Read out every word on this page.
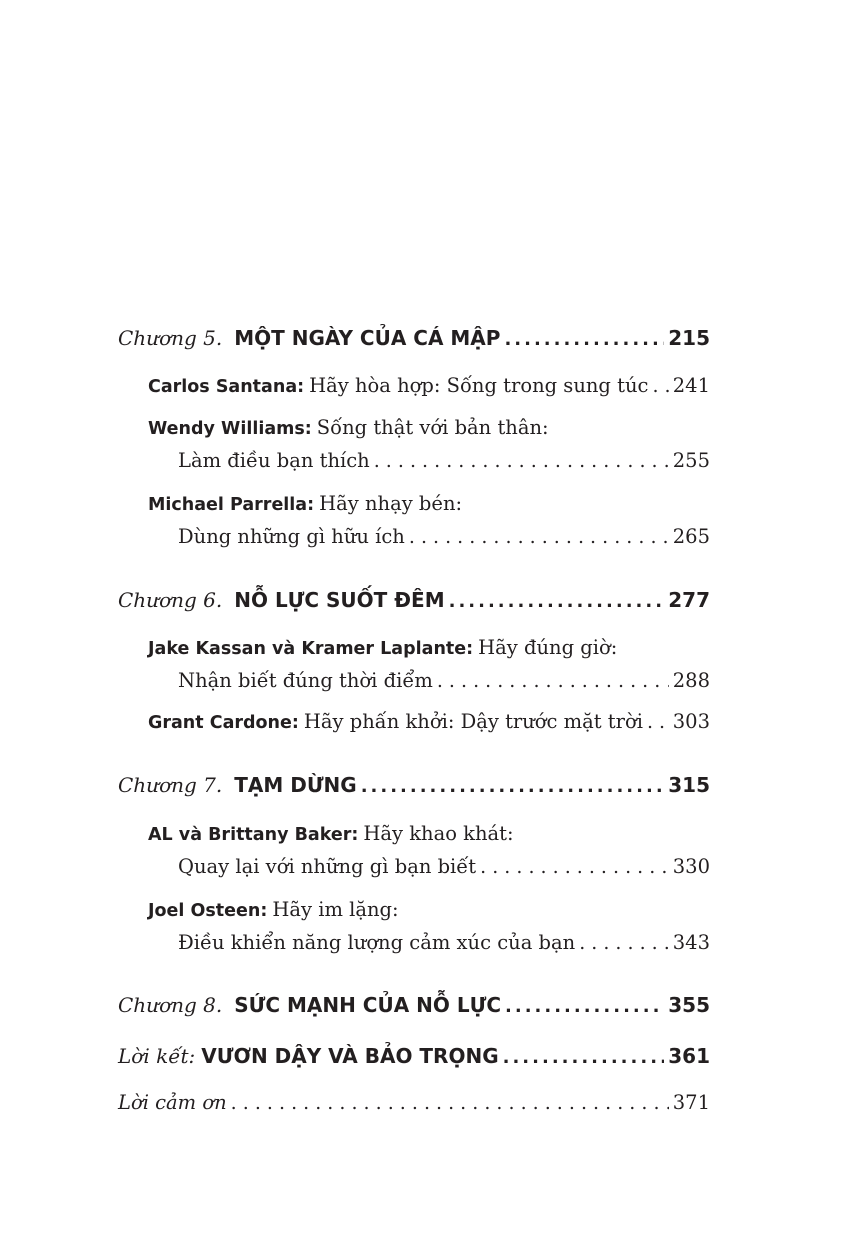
Chương 5. MỘT NGÀY CỦA CÁ MẬP .....	215
Carlos Santana: Hãy hòa hợp: Sống trong sung túc . . . 241
Wendy Williams: Sống thật với bản thân:
Làm điều bạn thích . . .	255
Michael Parrella: Hãy nhạy bén:
Dùng những gì hữu ích . . .	265
Chương 6. NỖ LỰC SUỐT ĐÊM .....	277
Jake Kassan và Kramer Laplante: Hãy đúng giờ:
Nhận biết đúng thời điểm . . .	288
Grant Cardone: Hãy phấn khởi: Dậy trước mặt trời . . . 303
Chương 7. TẠM DỪNG .....	315
AL và Brittany Baker: Hãy khao khát:
Quay lại với những gì bạn biết . . .	330
Joel Osteen: Hãy im lặng:
Điều khiển năng lượng cảm xúc của bạn . . .	343
Chương 8. SỨC MẠNH CỦA NỖ LỰC .....	355
Lời kết: VƯƠN DẬY VÀ BẢO TRỌNG .....	361
Lời cảm ơn . . .	371
